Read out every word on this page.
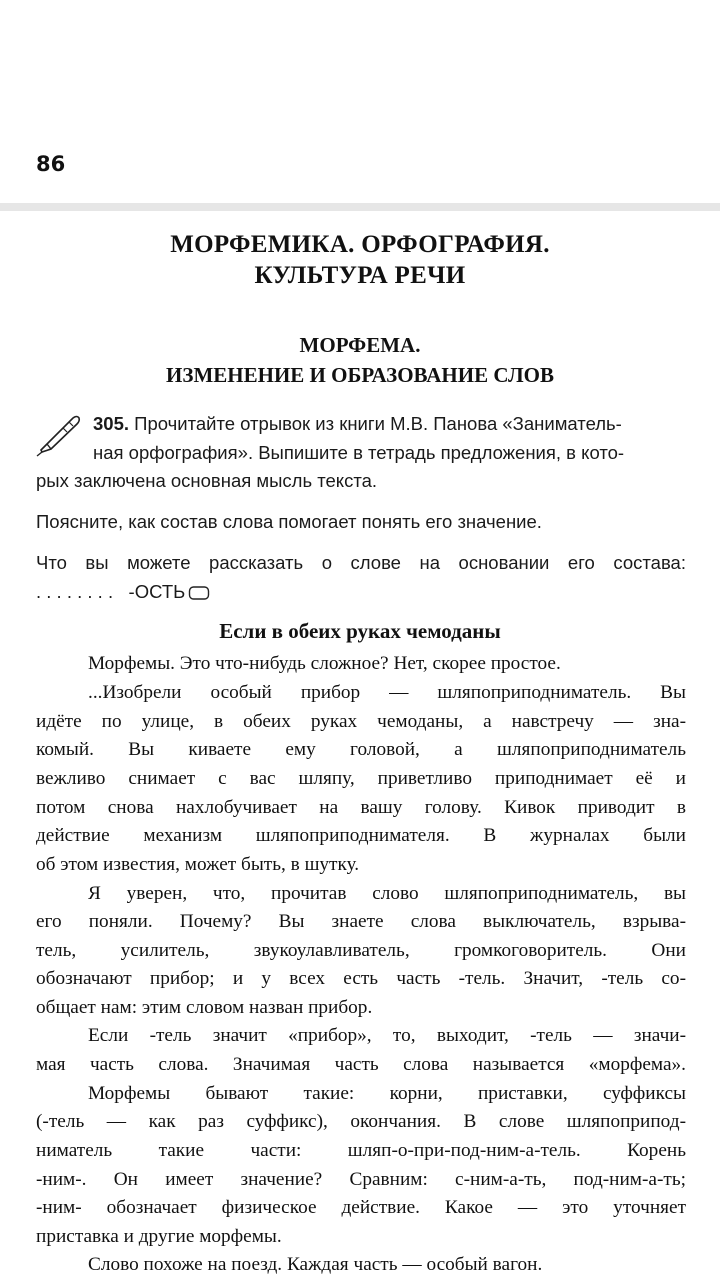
86
МОРФЕМИКА. ОРФОГРАФИЯ.
КУЛЬТУРА РЕЧИ
МОРФЕМА.
ИЗМЕНЕНИЕ И ОБРАЗОВАНИЕ СЛОВ
305. Прочитайте отрывок из книги М.В. Панова «Заниматель-
ная орфография». Выпишите в тетрадь предложения, в кото-
рых заключена основная мысль текста.
Поясните, как состав слова помогает понять его значение.
Что вы можете рассказать о слове на основании его состава:
. . . . . . . . -ОСТЬ
Если в обеих руках чемоданы
Морфемы. Это что-нибудь сложное? Нет, скорее простое.
...Изобрели особый прибор — шляпоприподниматель. Вы
идёте по улице, в обеих руках чемоданы, а навстречу — зна-
комый. Вы киваете ему головой, а шляпоприподниматель
вежливо снимает с вас шляпу, приветливо приподнимает её и
потом снова нахлобучивает на вашу голову. Кивок приводит в
действие механизм шляпоприподнимателя. В журналах были
об этом известия, может быть, в шутку.
Я уверен, что, прочитав слово шляпоприподниматель, вы
его поняли. Почему? Вы знаете слова выключатель, взрыва-
тель, усилитель, звукоулавливатель, громкоговоритель. Они
обозначают прибор; и у всех есть часть -тель. Значит, -тель со-
общает нам: этим словом назван прибор.
Если -тель значит «прибор», то, выходит, -тель — значи-
мая часть слова. Значимая часть слова называется «морфема».
Морфемы бывают такие: корни, приставки, суффиксы
(-тель — как раз суффикс), окончания. В слове шляпоприпод-
ниматель такие части: шляп-о-при-под-ним-а-тель. Корень
-ним-. Он имеет значение? Сравним: с-ним-а-ть, под-ним-а-ть;
-ним- обозначает физическое действие. Какое — это уточняет
приставка и другие морфемы.
Слово похоже на поезд. Каждая часть — особый вагон.
